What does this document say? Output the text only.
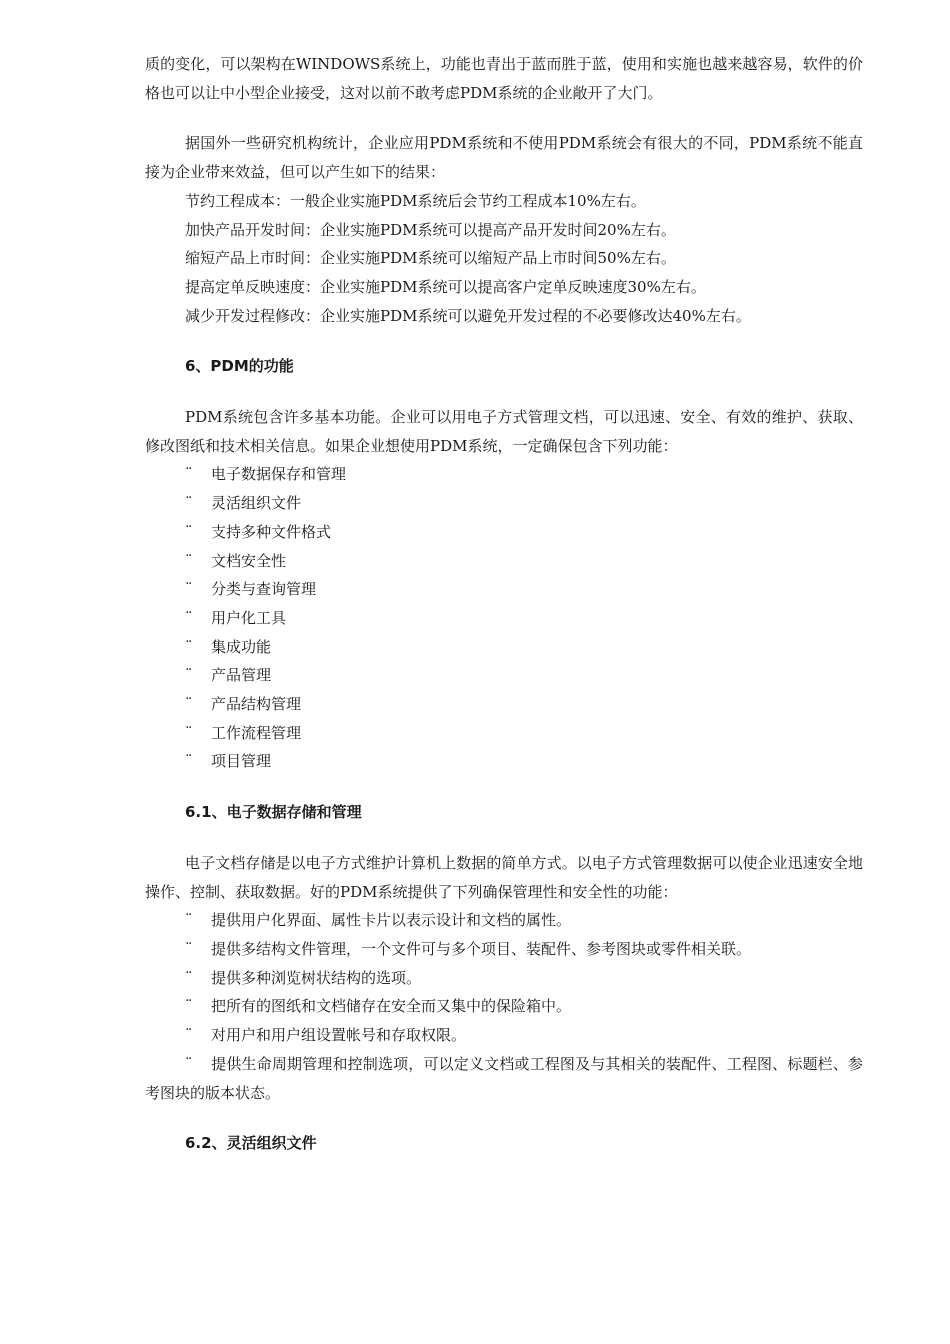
质的变化，可以架构在WINDOWS系统上，功能也青出于蓝而胜于蓝，使用和实施也越来越容易，软件的价格也可以让中小型企业接受，这对以前不敢考虑PDM系统的企业敞开了大门。

据国外一些研究机构统计，企业应用PDM系统和不使用PDM系统会有很大的不同，PDM系统不能直接为企业带来效益，但可以产生如下的结果：

节约工程成本：一般企业实施PDM系统后会节约工程成本10%左右。

加快产品开发时间：企业实施PDM系统可以提高产品开发时间20%左右。

缩短产品上市时间：企业实施PDM系统可以缩短产品上市时间50%左右。

提高定单反映速度：企业实施PDM系统可以提高客户定单反映速度30%左右。

减少开发过程修改：企业实施PDM系统可以避免开发过程的不必要修改达40%左右。

6、PDM的功能

PDM系统包含许多基本功能。企业可以用电子方式管理文档，可以迅速、安全、有效的维护、获取、修改图纸和技术相关信息。如果企业想使用PDM系统，一定确保包含下列功能：

¨ 电子数据保存和管理

¨ 灵活组织文件

¨ 支持多种文件格式

¨ 文档安全性

¨ 分类与查询管理

¨ 用户化工具

¨ 集成功能

¨ 产品管理

¨ 产品结构管理

¨ 工作流程管理

¨ 项目管理

6.1、电子数据存储和管理

电子文档存储是以电子方式维护计算机上数据的简单方式。以电子方式管理数据可以使企业迅速安全地操作、控制、获取数据。好的PDM系统提供了下列确保管理性和安全性的功能：

¨ 提供用户化界面、属性卡片以表示设计和文档的属性。

¨ 提供多结构文件管理，一个文件可与多个项目、装配件、参考图块或零件相关联。

¨ 提供多种浏览树状结构的选项。

¨ 把所有的图纸和文档储存在安全而又集中的保险箱中。

¨ 对用户和用户组设置帐号和存取权限。

¨ 提供生命周期管理和控制选项，可以定义文档或工程图及与其相关的装配件、工程图、标题栏、参考图块的版本状态。

6.2、灵活组织文件
